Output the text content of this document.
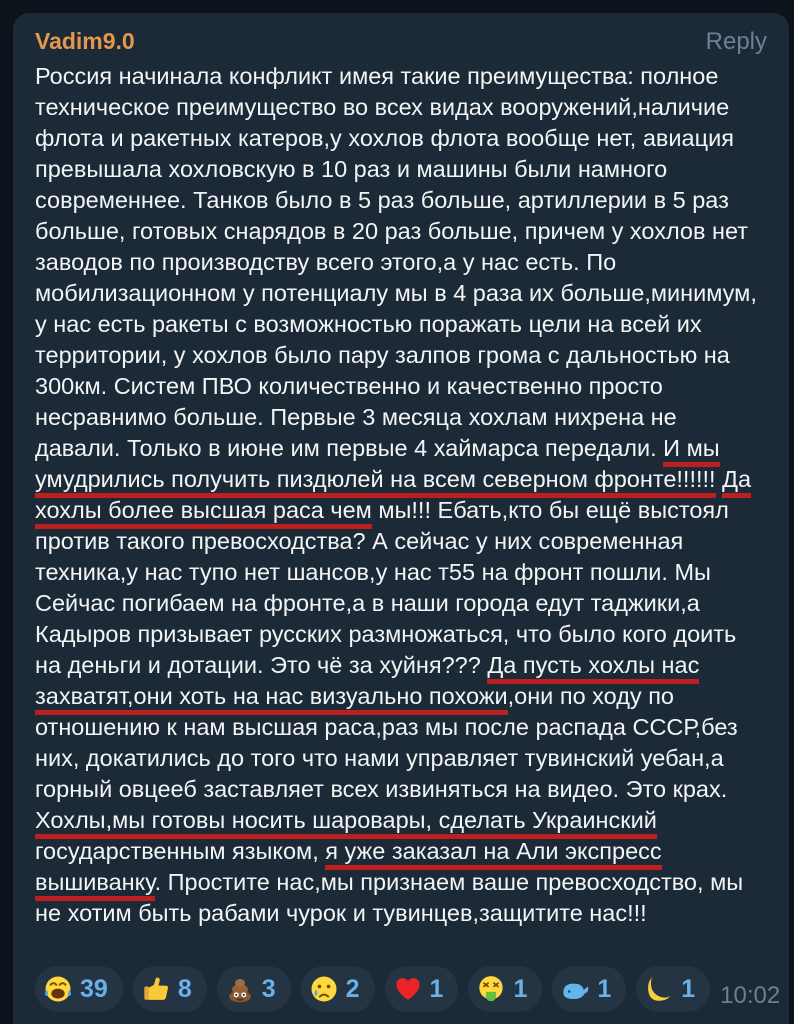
Vadim9.0	Reply
Россия начинала конфликт имея такие преимущества: полное техническое преимущество во всех видах вооружений,наличие флота и ракетных катеров,у хохлов флота вообще нет, авиация превышала хохловскую в 10 раз и машины были намного современнее. Танков было в 5 раз больше, артиллерии в 5 раз больше, готовых снарядов в 20 раз больше, причем у хохлов нет заводов по производству всего этого,а у нас есть. По мобилизационном у потенциалу мы в 4 раза их больше,минимум, у нас есть ракеты с возможностью поражать цели на всей их территории, у хохлов было пару залпов грома с дальностью на 300км. Систем ПВО количественно и качественно просто несравнимо больше. Первые 3 месяца хохлам нихрена не давали. Только в июне им первые 4 хаймарса передали. И мы умудрились получить пиздюлей на всем северном фронте!!!!!! Да хохлы более высшая раса чем мы!!! Ебать,кто бы ещё выстоял против такого превосходства? А сейчас у них современная техника,у нас тупо нет шансов,у нас т55 на фронт пошли. Мы Сейчас погибаем на фронте,а в наши города едут таджики,а Кадыров призывает русских размножаться, что было кого доить на деньги и дотации. Это чё за хуйня??? Да пусть хохлы нас захватят,они хоть на нас визуально похожи,они по ходу по отношению к нам высшая раса,раз мы после распада СССР,без них, докатились до того что нами управляет тувинский уебан,а горный овцееб заставляет всех извиняться на видео. Это крах. Хохлы,мы готовы носить шаровары, сделать Украинский государственным языком, я уже заказал на Али экспресс вышиванку. Простите нас,мы признаем ваше превосходство, мы не хотим быть рабами чурок и тувинцев,защитите нас!!!
39	8	3	2	1	1	1	1 10:02
